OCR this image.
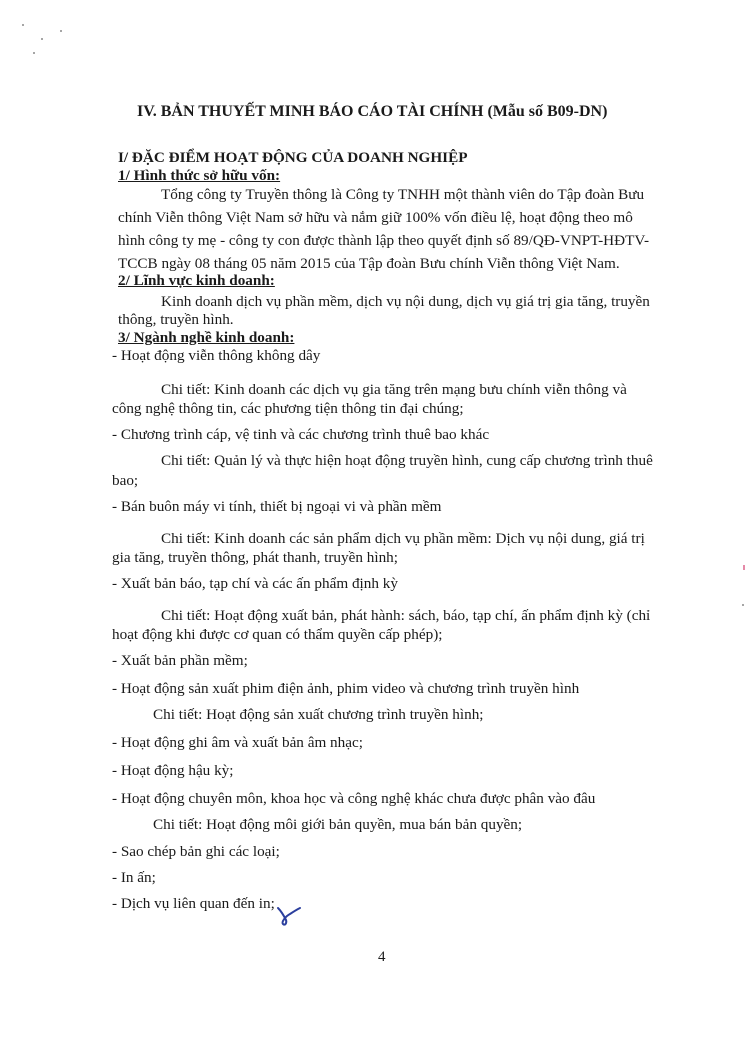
IV. BẢN THUYẾT MINH BÁO CÁO TÀI CHÍNH (Mẫu số B09-DN)
I/ ĐẶC ĐIỂM HOẠT ĐỘNG CỦA DOANH NGHIỆP
1/ Hình thức sở hữu vốn:
Tổng công ty Truyền thông là Công ty TNHH một thành viên do Tập đoàn Bưu
chính Viễn thông Việt Nam sở hữu và nắm giữ 100% vốn điều lệ, hoạt động theo mô
hình công ty mẹ - công ty con được thành lập theo quyết định số 89/QĐ-VNPT-HĐTV-
TCCB ngày 08 tháng 05 năm 2015 của Tập đoàn Bưu chính Viễn thông Việt Nam.
2/ Lĩnh vực kinh doanh:
Kinh doanh dịch vụ phần mềm, dịch vụ nội dung, dịch vụ giá trị gia tăng, truyền
thông, truyền hình.
3/ Ngành nghề kinh doanh:
- Hoạt động viễn thông không dây
Chi tiết: Kinh doanh các dịch vụ gia tăng trên mạng bưu chính viễn thông và
công nghệ thông tin, các phương tiện thông tin đại chúng;
- Chương trình cáp, vệ tinh và các chương trình thuê bao khác
Chi tiết: Quản lý và thực hiện hoạt động truyền hình, cung cấp chương trình thuê
bao;
- Bán buôn máy vi tính, thiết bị ngoại vi và phần mềm
Chi tiết: Kinh doanh các sản phẩm dịch vụ phần mềm: Dịch vụ nội dung, giá trị
gia tăng, truyền thông, phát thanh, truyền hình;
- Xuất bản báo, tạp chí và các ấn phẩm định kỳ
Chi tiết: Hoạt động xuất bản, phát hành: sách, báo, tạp chí, ấn phẩm định kỳ (chỉ
hoạt động khi được cơ quan có thẩm quyền cấp phép);
- Xuất bản phần mềm;
- Hoạt động sản xuất phim điện ảnh, phim video và chương trình truyền hình
Chi tiết: Hoạt động sản xuất chương trình truyền hình;
- Hoạt động ghi âm và xuất bản âm nhạc;
- Hoạt động hậu kỳ;
- Hoạt động chuyên môn, khoa học và công nghệ khác chưa được phân vào đâu
Chi tiết: Hoạt động môi giới bản quyền, mua bán bản quyền;
- Sao chép bản ghi các loại;
- In ấn;
- Dịch vụ liên quan đến in;
4
